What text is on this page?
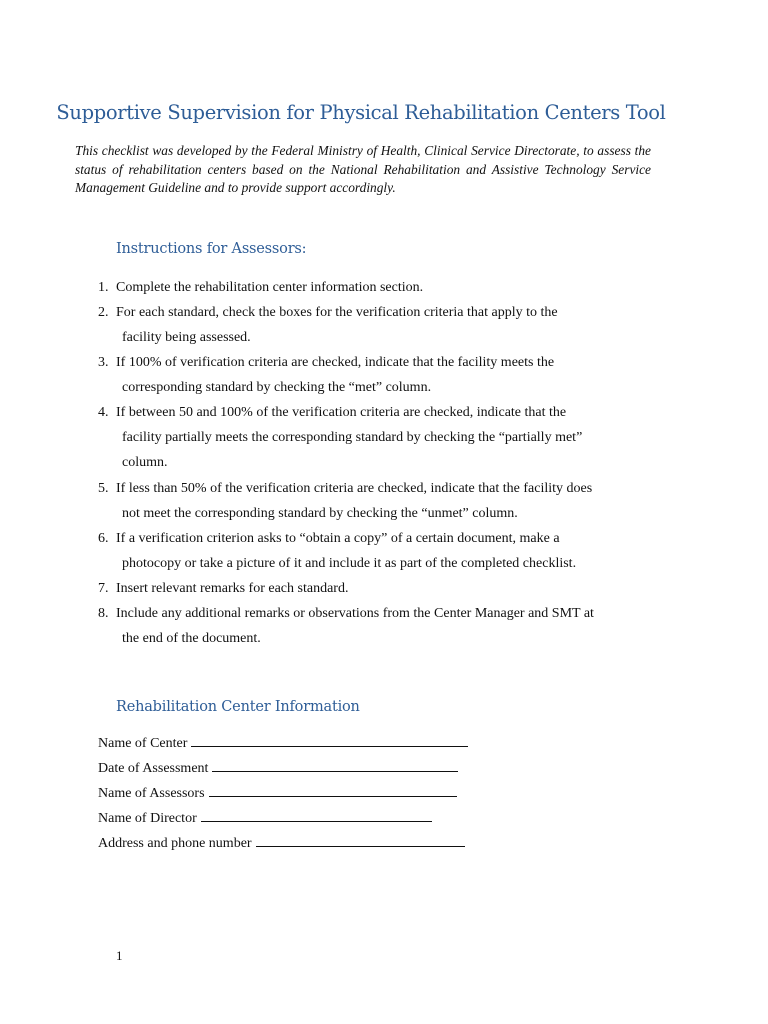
Supportive Supervision for Physical Rehabilitation Centers Tool

This checklist was developed by the Federal Ministry of Health, Clinical Service Directorate, to assess the status of rehabilitation centers based on the National Rehabilitation and Assistive Technology Service Management Guideline and to provide support accordingly.

Instructions for Assessors:
1. Complete the rehabilitation center information section.
2. For each standard, check the boxes for the verification criteria that apply to the
facility being assessed.
3. If 100% of verification criteria are checked, indicate that the facility meets the
corresponding standard by checking the “met” column.
4. If between 50 and 100% of the verification criteria are checked, indicate that the
facility partially meets the corresponding standard by checking the “partially met”
column.
5. If less than 50% of the verification criteria are checked, indicate that the facility does
not meet the corresponding standard by checking the “unmet” column.
6. If a verification criterion asks to “obtain a copy” of a certain document, make a
photocopy or take a picture of it and include it as part of the completed checklist.
7. Insert relevant remarks for each standard.
8. Include any additional remarks or observations from the Center Manager and SMT at
the end of the document.
Rehabilitation Center Information
Name of Center
Date of Assessment
Name of Assessors
Name of Director
Address and phone number
1
